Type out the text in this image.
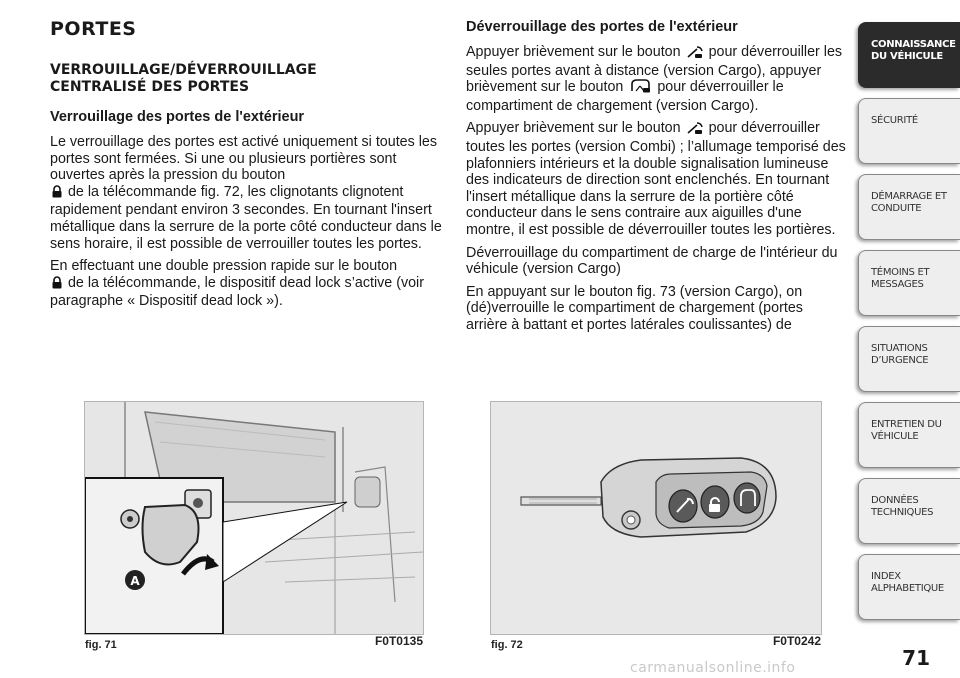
PORTES
VERROUILLAGE/DÉVERROUILLAGE
CENTRALISÉ DES PORTES
Verrouillage des portes de l'extérieur

Le verrouillage des portes est activé uniquement si toutes les portes sont fermées. Si une ou plusieurs portières sont ouvertes après la pression du bouton
de la télécommande fig. 72, les clignotants clignotent rapidement pendant environ 3 secondes. En tournant l'insert métallique dans la serrure de la porte côté conducteur dans le sens horaire, il est possible de verrouiller toutes les portes.

En effectuant une double pression rapide sur le bouton
de la télécommande, le dispositif dead lock s’active (voir paragraphe « Dispositif dead lock »).

Déverrouillage des portes de l'extérieur

Appuyer brièvement sur le bouton pour déverrouiller les seules portes avant à distance (version Cargo), appuyer brièvement sur le bouton pour déverrouiller le compartiment de chargement (version Cargo).

Appuyer brièvement sur le bouton pour déverrouiller toutes les portes (version Combi) ; l’allumage temporisé des plafonniers intérieurs et la double signalisation lumineuse des indicateurs de direction sont enclenchés. En tournant l'insert métallique dans la serrure de la portière côté conducteur dans le sens contraire aux aiguilles d'une montre, il est possible de déverrouiller toutes les portières.

Déverrouillage du compartiment de charge de l'intérieur du véhicule (version Cargo)

En appuyant sur le bouton fig. 73 (version Cargo), on (dé)verrouille le compartiment de chargement (portes arrière à battant et portes latérales coulissantes) de

A
fig. 71	F0T0135	fig. 72	F0T0242
CONNAISSANCE
DU VÉHICULE
SÉCURITÉ
DÉMARRAGE ET
CONDUITE
TÉMOINS ET
MESSAGES
SITUATIONS
D’URGENCE
ENTRETIEN DU
VÉHICULE
DONNÉES
TECHNIQUES
INDEX
ALPHABETIQUE
71
carmanualsonline.info
